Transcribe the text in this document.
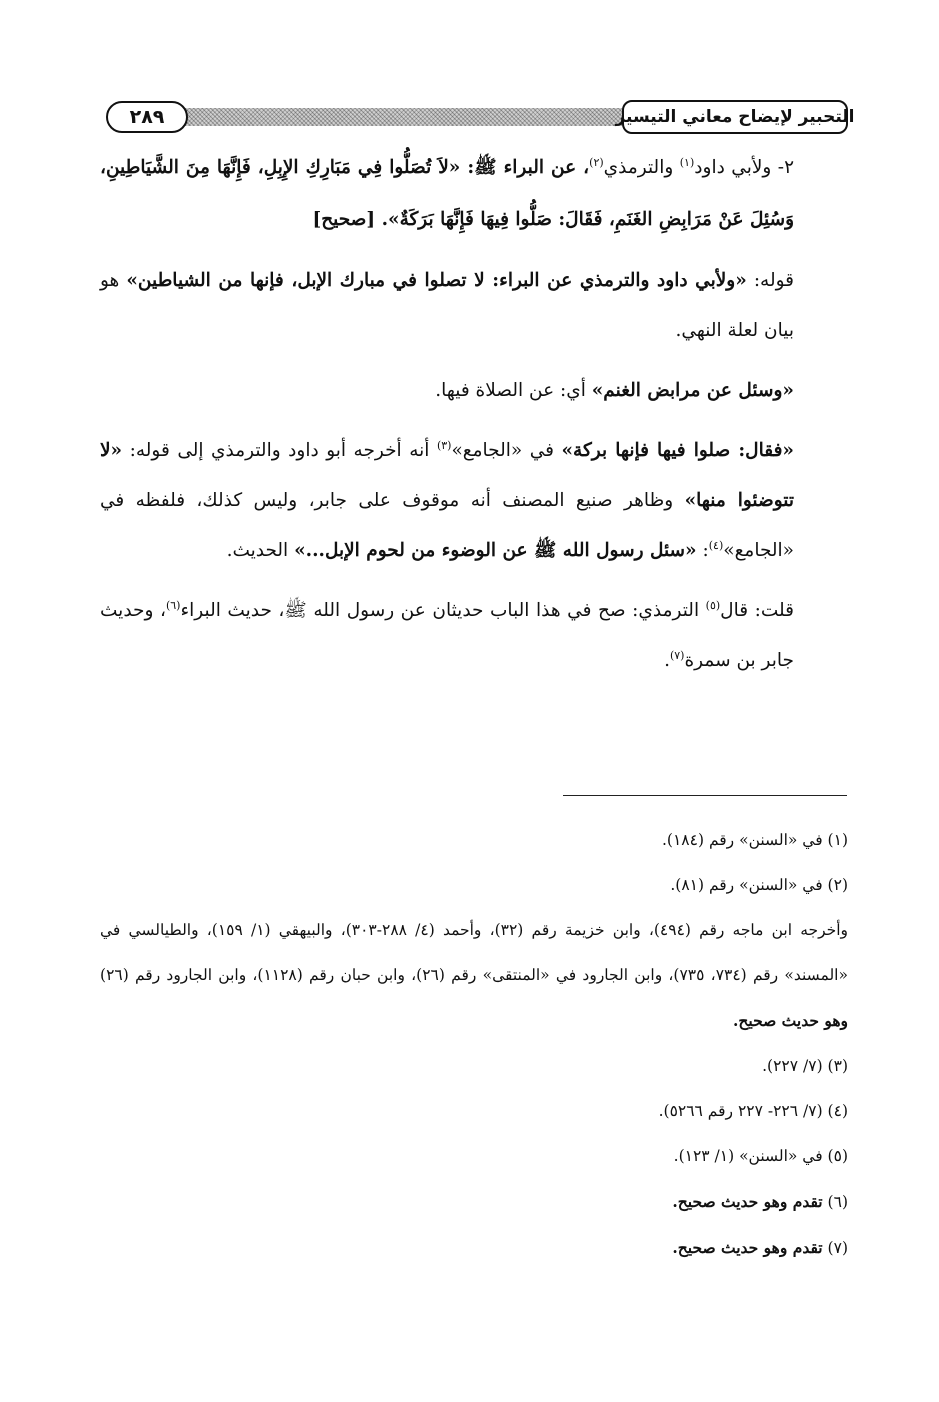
التحبير لإيضاح معاني التيسير
٢٨٩

٢- ولأبي داود$^{(١)}$ والترمذي$^{(٢)}$، عن البراء ﷺ: «لاَ تُصَلُّوا فِي مَبَارِكِ الإِبِلِ، فَإِنَّهَا مِنَ الشَّيَاطِينِ، وَسُئِلَ عَنْ مَرَابِضِ الغَنَمِ، فَقَالَ: صَلُّوا فِيهَا فَإِنَّهَا بَرَكَةٌ». [صحيح]

قوله: «ولأبي داود والترمذي عن البراء: لا تصلوا في مبارك الإبل، فإنها من الشياطين» هو بيان لعلة النهي.

«وسئل عن مرابض الغنم» أي: عن الصلاة فيها.

«فقال: صلوا فيها فإنها بركة» في «الجامع»$^{(٣)}$ أنه أخرجه أبو داود والترمذي إلى قوله: «لا تتوضئوا منها» وظاهر صنيع المصنف أنه موقوف على جابر، وليس كذلك، فلفظه في «الجامع»$^{(٤)}$: «سئل رسول الله ﷺ عن الوضوء من لحوم الإبل...» الحديث.

قلت: قال$^{(٥)}$ الترمذي: صح في هذا الباب حديثان عن رسول الله ﷺ، حديث البراء$^{(٦)}$، وحديث جابر بن سمرة$^{(٧)}$.

(١) في «السنن» رقم (١٨٤).

(٢) في «السنن» رقم (٨١).

وأخرجه ابن ماجه رقم (٤٩٤)، وابن خزيمة رقم (٣٢)، وأحمد (٤/ ٢٨٨-٣٠٣)، والبيهقي (١/ ١٥٩)، والطيالسي في «المسند» رقم (٧٣٤، ٧٣٥)، وابن الجارود في «المنتقى» رقم (٢٦)، وابن حبان رقم (١١٢٨)، وابن الجارود رقم (٢٦) وهو حديث صحيح.

(٣) (٧/ ٢٢٧).

(٤) (٧/ ٢٢٦- ٢٢٧ رقم ٥٢٦٦).

(٥) في «السنن» (١/ ١٢٣).

(٦) تقدم وهو حديث صحيح.

(٧) تقدم وهو حديث صحيح.
